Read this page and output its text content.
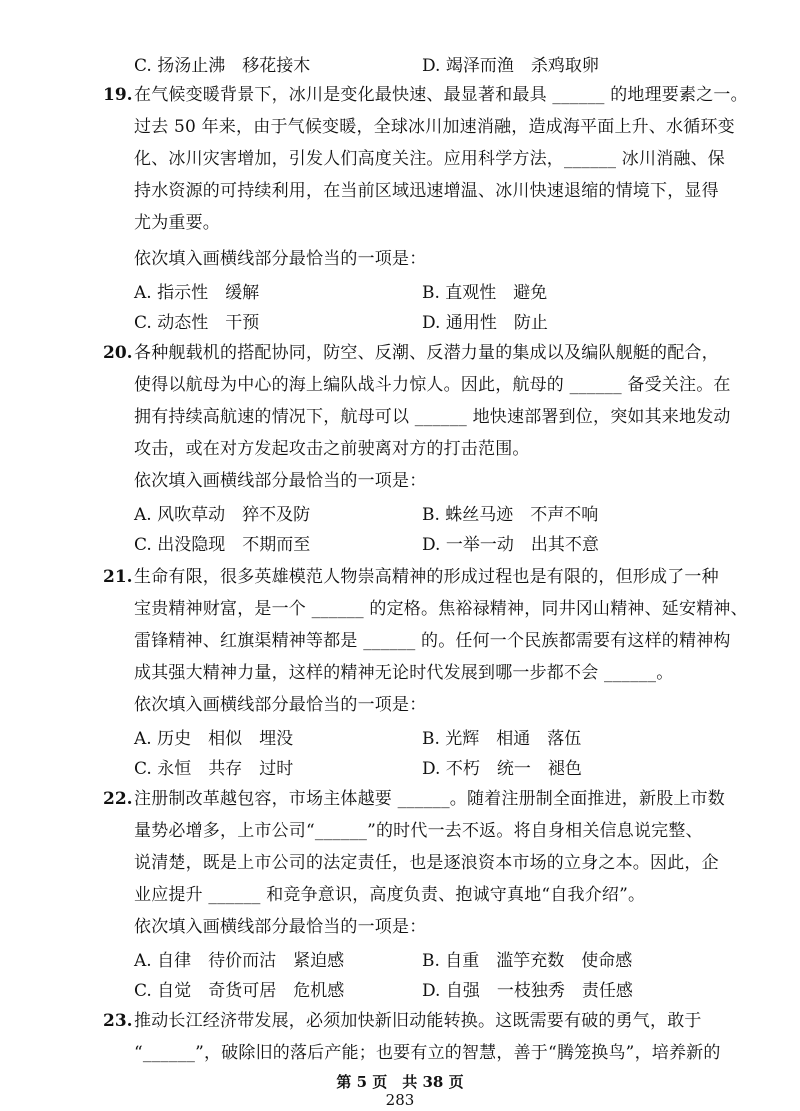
C. 扬汤止沸　移花接木	D. 竭泽而渔　杀鸡取卵
19. 在气候变暖背景下，冰川是变化最快速、最显著和最具 ______ 的地理要素之一。
过去 50 年来，由于气候变暖，全球冰川加速消融，造成海平面上升、水循环变
化、冰川灾害增加，引发人们高度关注。应用科学方法，______ 冰川消融、保
持水资源的可持续利用，在当前区域迅速增温、冰川快速退缩的情境下，显得
尤为重要。
依次填入画横线部分最恰当的一项是：
A. 指示性　缓解	B. 直观性　避免
C. 动态性　干预	D. 通用性　防止
20. 各种舰载机的搭配协同，防空、反潮、反潜力量的集成以及编队舰艇的配合，
使得以航母为中心的海上编队战斗力惊人。因此，航母的 ______ 备受关注。在
拥有持续高航速的情况下，航母可以 ______ 地快速部署到位，突如其来地发动
攻击，或在对方发起攻击之前驶离对方的打击范围。
依次填入画横线部分最恰当的一项是：
A. 风吹草动　猝不及防	B. 蛛丝马迹　不声不响
C. 出没隐现　不期而至	D. 一举一动　出其不意
21. 生命有限，很多英雄模范人物崇高精神的形成过程也是有限的，但形成了一种
宝贵精神财富，是一个 ______ 的定格。焦裕禄精神，同井冈山精神、延安精神、
雷锋精神、红旗渠精神等都是 ______ 的。任何一个民族都需要有这样的精神构
成其强大精神力量，这样的精神无论时代发展到哪一步都不会 ______。
依次填入画横线部分最恰当的一项是：
A. 历史　相似　埋没	B. 光辉　相通　落伍
C. 永恒　共存　过时	D. 不朽　统一　褪色
22. 注册制改革越包容，市场主体越要 ______。随着注册制全面推进，新股上市数
量势必增多，上市公司“______”的时代一去不返。将自身相关信息说完整、
说清楚，既是上市公司的法定责任，也是逐浪资本市场的立身之本。因此，企
业应提升 ______ 和竞争意识，高度负责、抱诚守真地“自我介绍”。
依次填入画横线部分最恰当的一项是：
A. 自律　待价而沽　紧迫感	B. 自重　滥竽充数　使命感
C. 自觉　奇货可居　危机感	D. 自强　一枝独秀　责任感
23. 推动长江经济带发展，必须加快新旧动能转换。这既需要有破的勇气，敢于
“______”，破除旧的落后产能；也要有立的智慧，善于“腾笼换鸟”，培养新的
第 5 页　共 38 页
283
